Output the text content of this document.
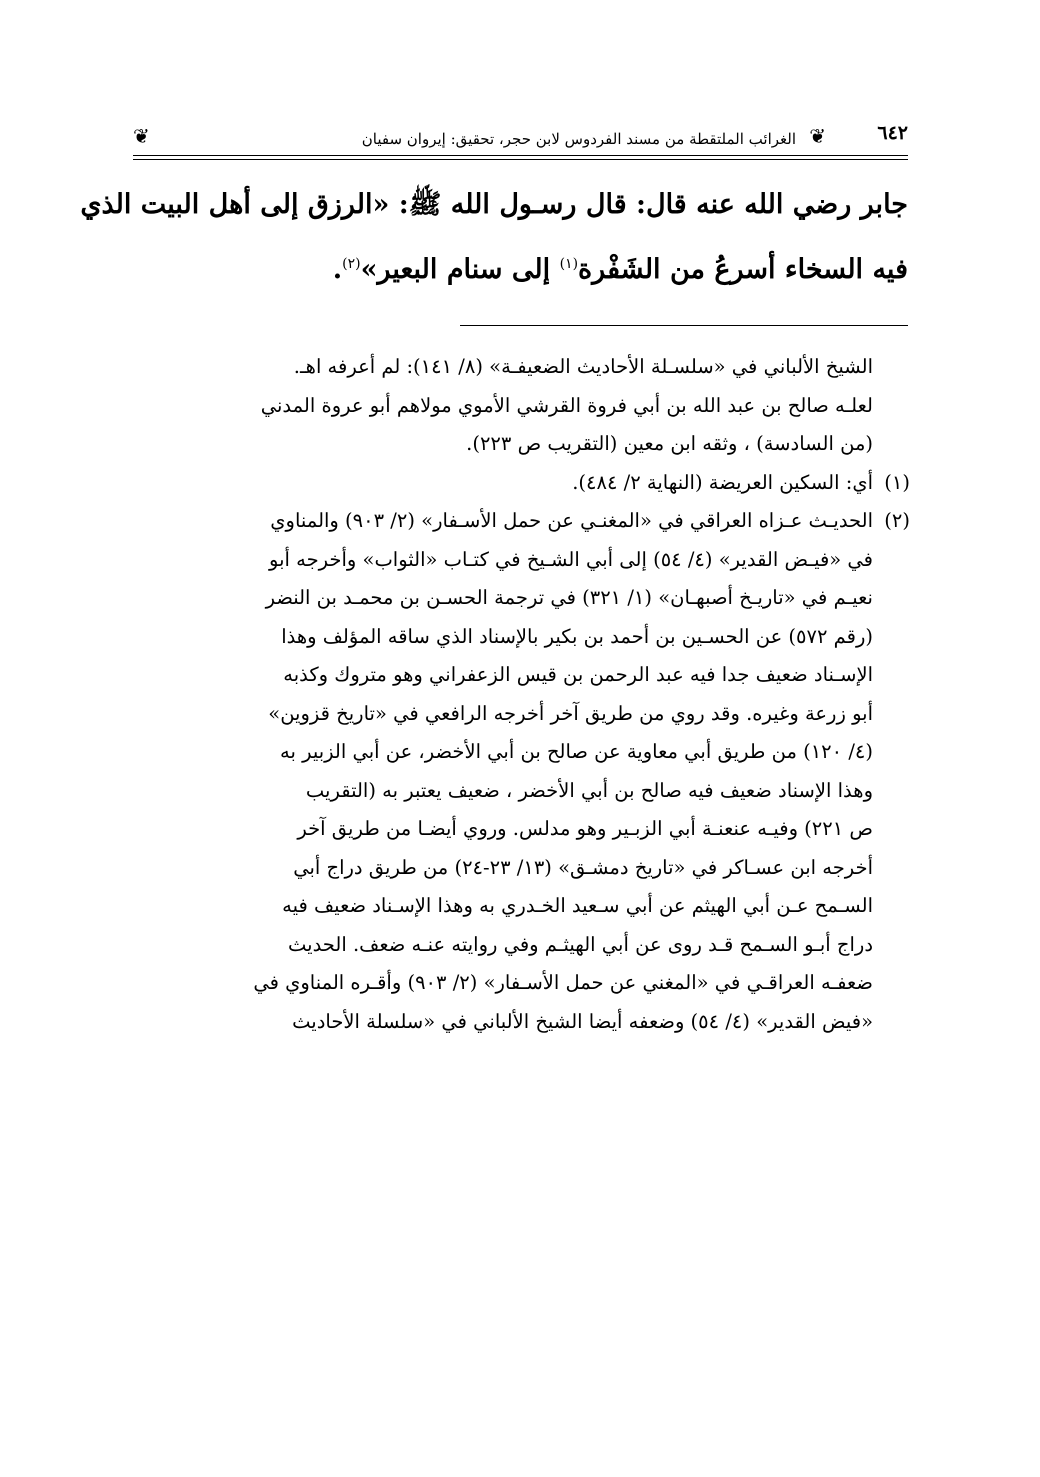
٦٤٢
❦
الغرائب الملتقطة من مسند الفردوس لابن حجر، تحقيق: إيروان سفيان
❦
جابر رضي الله عنه قال: قال رسـول الله ﷺ: «الرزق إلى أهل البيت الذي
فيه السخاء أسرعُ من الشَفْرة$^{(١)}$ إلى سنام البعير»$^{(٢)}$.
الشيخ الألباني في «سلسـلة الأحاديث الضعيفـة» (٨/ ١٤١): لم أعرفه اهـ.
لعلـه صالح بن عبد الله بن أبي فروة القرشي الأموي مولاهم أبو عروة المدني
(من السادسة) ، وثقه ابن معين (التقريب ص ٢٢٣).
(١)
أي: السكين العريضة (النهاية ٢/ ٤٨٤).
(٢)
الحديـث عـزاه العراقي في «المغنـي عن حمل الأسـفار» (٢/ ٩٠٣) والمناوي
في «فيـض القدير» (٤/ ٥٤) إلى أبي الشـيخ في كتـاب «الثواب» وأخرجه أبو
نعيـم في «تاريـخ أصبهـان» (١/ ٣٢١) في ترجمة الحسـن بن محمـد بن النضر
(رقم ٥٧٢) عن الحسـين بن أحمد بن بكير بالإسناد الذي ساقه المؤلف وهذا
الإسـناد ضعيف جدا فيه عبد الرحمن بن قيس الزعفراني وهو متروك وكذبه
أبو زرعة وغيره. وقد روي من طريق آخر أخرجه الرافعي في «تاريخ قزوين»
(٤/ ١٢٠) من طريق أبي معاوية عن صالح بن أبي الأخضر، عن أبي الزبير به
وهذا الإسناد ضعيف فيه صالح بن أبي الأخضر ، ضعيف يعتبر به (التقريب
ص ٢٢١) وفيـه عنعنـة أبي الزبـير وهو مدلس. وروي أيضـا من طريق آخر
أخرجه ابن عسـاكر في «تاريخ دمشـق» (١٣/ ٢٣-٢٤) من طريق دراج أبي
السـمح عـن أبي الهيثم عن أبي سـعيد الخـدري به وهذا الإسـناد ضعيف فيه
دراج أبـو السـمح قـد روى عن أبي الهيثـم وفي روايته عنـه ضعف. الحديث
ضعفـه العراقـي في «المغني عن حمل الأسـفار» (٢/ ٩٠٣) وأقـره المناوي في
«فيض القدير» (٤/ ٥٤) وضعفه أيضا الشيخ الألباني في «سلسلة الأحاديث
